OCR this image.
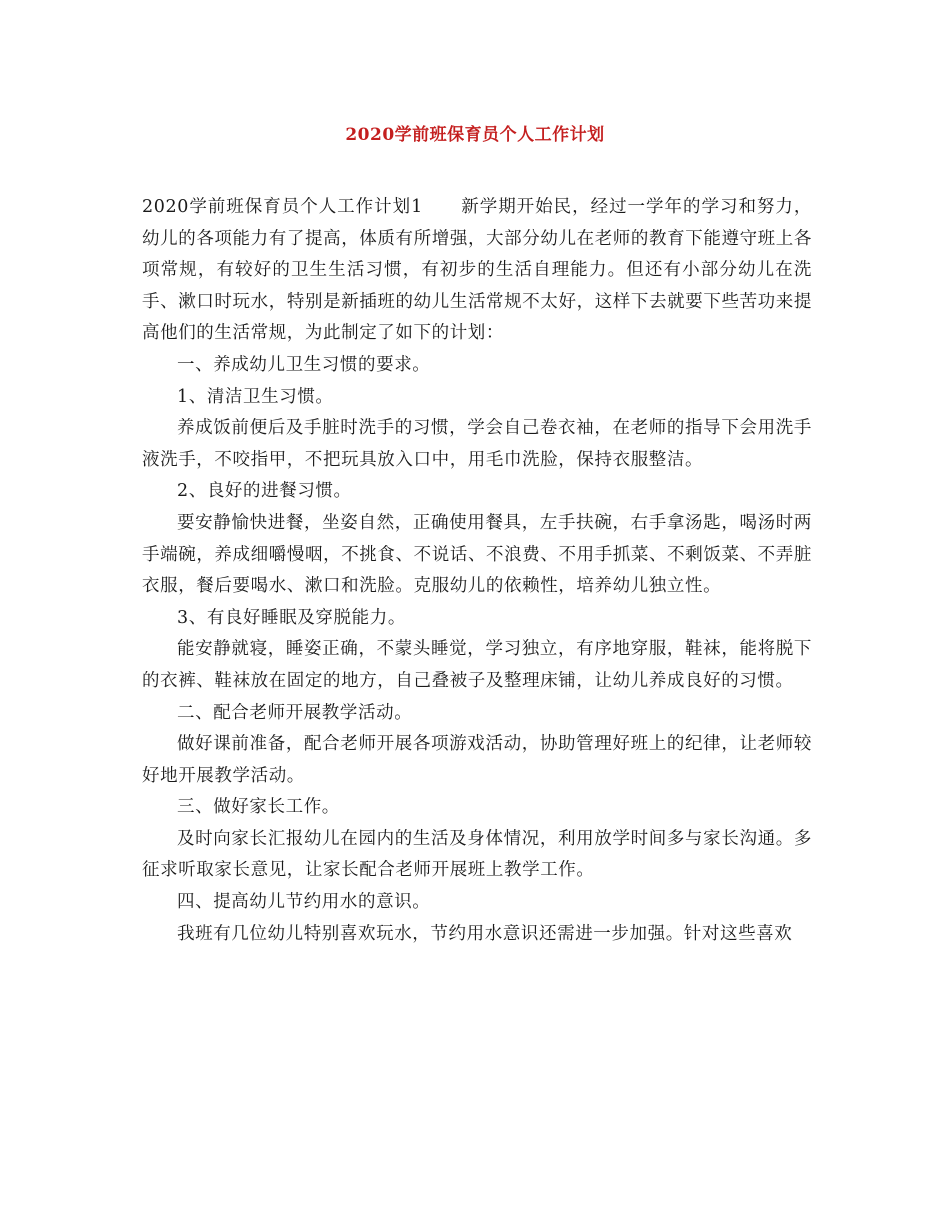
2020学前班保育员个人工作计划

2020学前班保育员个人工作计划1 新学期开始民，经过一学年的学习和努力，幼儿的各项能力有了提高，体质有所增强，大部分幼儿在老师的教育下能遵守班上各项常规，有较好的卫生生活习惯，有初步的生活自理能力。但还有小部分幼儿在洗手、漱口时玩水，特别是新插班的幼儿生活常规不太好，这样下去就要下些苦功来提高他们的生活常规，为此制定了如下的计划：

一、养成幼儿卫生习惯的要求。

1、清洁卫生习惯。

养成饭前便后及手脏时洗手的习惯，学会自己卷衣袖，在老师的指导下会用洗手液洗手，不咬指甲，不把玩具放入口中，用毛巾洗脸，保持衣服整洁。

2、良好的进餐习惯。

要安静愉快进餐，坐姿自然，正确使用餐具，左手扶碗，右手拿汤匙，喝汤时两手端碗，养成细嚼慢咽，不挑食、不说话、不浪费、不用手抓菜、不剩饭菜、不弄脏衣服，餐后要喝水、漱口和洗脸。克服幼儿的依赖性，培养幼儿独立性。

3、有良好睡眠及穿脱能力。

能安静就寝，睡姿正确，不蒙头睡觉，学习独立，有序地穿服，鞋袜，能将脱下的衣裤、鞋袜放在固定的地方，自己叠被子及整理床铺，让幼儿养成良好的习惯。

二、配合老师开展教学活动。

做好课前准备，配合老师开展各项游戏活动，协助管理好班上的纪律，让老师较好地开展教学活动。

三、做好家长工作。

及时向家长汇报幼儿在园内的生活及身体情况，利用放学时间多与家长沟通。多征求听取家长意见，让家长配合老师开展班上教学工作。

四、提高幼儿节约用水的意识。

我班有几位幼儿特别喜欢玩水，节约用水意识还需进一步加强。针对这些喜欢
